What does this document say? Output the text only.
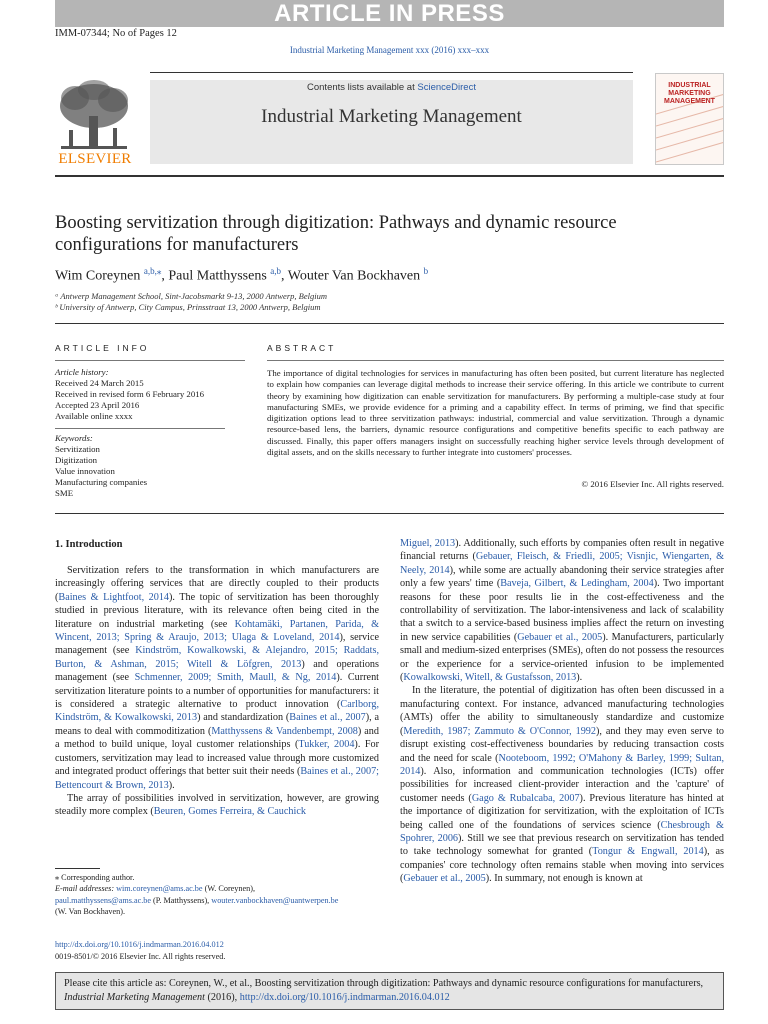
ARTICLE IN PRESS
IMM-07344; No of Pages 12
Industrial Marketing Management xxx (2016) xxx–xxx
ELSEVIER
Contents lists available at ScienceDirect
Industrial Marketing Management
INDUSTRIAL MARKETING MANAGEMENT
Boosting servitization through digitization: Pathways and dynamic resource
configurations for manufacturers
Wim Coreynen $^{a,b,⁎}$, Paul Matthyssens $^{a,b}$, Wouter Van Bockhaven $^b$
ᵃ Antwerp Management School, Sint-Jacobsmarkt 9-13, 2000 Antwerp, Belgium
ᵇ University of Antwerp, City Campus, Prinsstraat 13, 2000 Antwerp, Belgium
ARTICLE INFO	ABSTRACT
Article history:
Received 24 March 2015
Received in revised form 6 February 2016
Accepted 23 April 2016
Available online xxxx
Keywords:
Servitization
Digitization
Value innovation
Manufacturing companies
SME
The importance of digital technologies for services in manufacturing has often been posited, but current literature has neglected to explain how companies can leverage digital methods to increase their service offering. In this article we contribute to current theory by examining how digitization can enable servitization for manufacturers. By performing a multiple-case study at four manufacturing SMEs, we provide evidence for a priming and a capability effect. In terms of priming, we find that specific digitization options lead to three servitization pathways: industrial, commercial and value servitization. Through a dynamic resource-based lens, the barriers, dynamic resource configurations and competitive benefits specific to each pathway are discussed. Finally, this paper offers managers insight on successfully reaching higher service levels through development of digital assets, and on the skills necessary to further integrate into customers' processes.
© 2016 Elsevier Inc. All rights reserved.
1. Introduction

Servitization refers to the transformation in which manufacturers are increasingly offering services that are directly coupled to their products (Baines & Lightfoot, 2014). The topic of servitization has been thoroughly studied in previous literature, with its relevance often being cited in the literature on industrial marketing (see Kohtamäki, Partanen, Parida, & Wincent, 2013; Spring & Araujo, 2013; Ulaga & Loveland, 2014), service management (see Kindström, Kowalkowski, & Alejandro, 2015; Raddats, Burton, & Ashman, 2015; Witell & Löfgren, 2013) and operations management (see Schmenner, 2009; Smith, Maull, & Ng, 2014). Current servitization literature points to a number of opportunities for manufacturers: it is considered a strategic alternative to product innovation (Carlborg, Kindström, & Kowalkowski, 2013) and standardization (Baines et al., 2007), a means to deal with commoditization (Matthyssens & Vandenbempt, 2008) and a method to build unique, loyal customer relationships (Tukker, 2004). For customers, servitization may lead to increased value through more customized and integrated product offerings that better suit their needs (Baines et al., 2007; Bettencourt & Brown, 2013).

The array of possibilities involved in servitization, however, are growing steadily more complex (Beuren, Gomes Ferreira, & Cauchick

Miguel, 2013). Additionally, such efforts by companies often result in negative financial returns (Gebauer, Fleisch, & Friedli, 2005; Visnjic, Wiengarten, & Neely, 2014), while some are actually abandoning their service strategies after only a few years' time (Baveja, Gilbert, & Ledingham, 2004). Two important reasons for these poor results lie in the cost-effectiveness and the controllability of servitization. The labor-intensiveness and lack of scalability that a switch to a service-based business implies affect the return on investing in new service capabilities (Gebauer et al., 2005). Manufacturers, particularly small and medium-sized enterprises (SMEs), often do not possess the resources or the experience for a service-oriented infusion to be implemented (Kowalkowski, Witell, & Gustafsson, 2013).

In the literature, the potential of digitization has often been discussed in a manufacturing context. For instance, advanced manufacturing technologies (AMTs) offer the ability to simultaneously standardize and customize (Meredith, 1987; Zammuto & O'Connor, 1992), and they may even serve to disrupt existing cost-effectiveness boundaries by reducing transaction costs and the need for scale (Nooteboom, 1992; O'Mahony & Barley, 1999; Sultan, 2014). Also, information and communication technologies (ICTs) offer possibilities for increased client-provider interaction and the 'capture' of customer needs (Gago & Rubalcaba, 2007). Previous literature has hinted at the importance of digitization for servitization, with the exploitation of ICTs being called one of the foundations of services science (Chesbrough & Spohrer, 2006). Still we see that previous research on servitization has tended to take technology somewhat for granted (Tongur & Engwall, 2014), as companies' core technology often remains stable when moving into services (Gebauer et al., 2005). In summary, not enough is known at

⁎ Corresponding author.
E-mail addresses: wim.coreynen@ams.ac.be (W. Coreynen),
paul.matthyssens@ams.ac.be (P. Matthyssens), wouter.vanbockhaven@uantwerpen.be
(W. Van Bockhaven).
http://dx.doi.org/10.1016/j.indmarman.2016.04.012
0019-8501/© 2016 Elsevier Inc. All rights reserved.
Please cite this article as: Coreynen, W., et al., Boosting servitization through digitization: Pathways and dynamic resource configurations for manufacturers, Industrial Marketing Management (2016), http://dx.doi.org/10.1016/j.indmarman.2016.04.012
